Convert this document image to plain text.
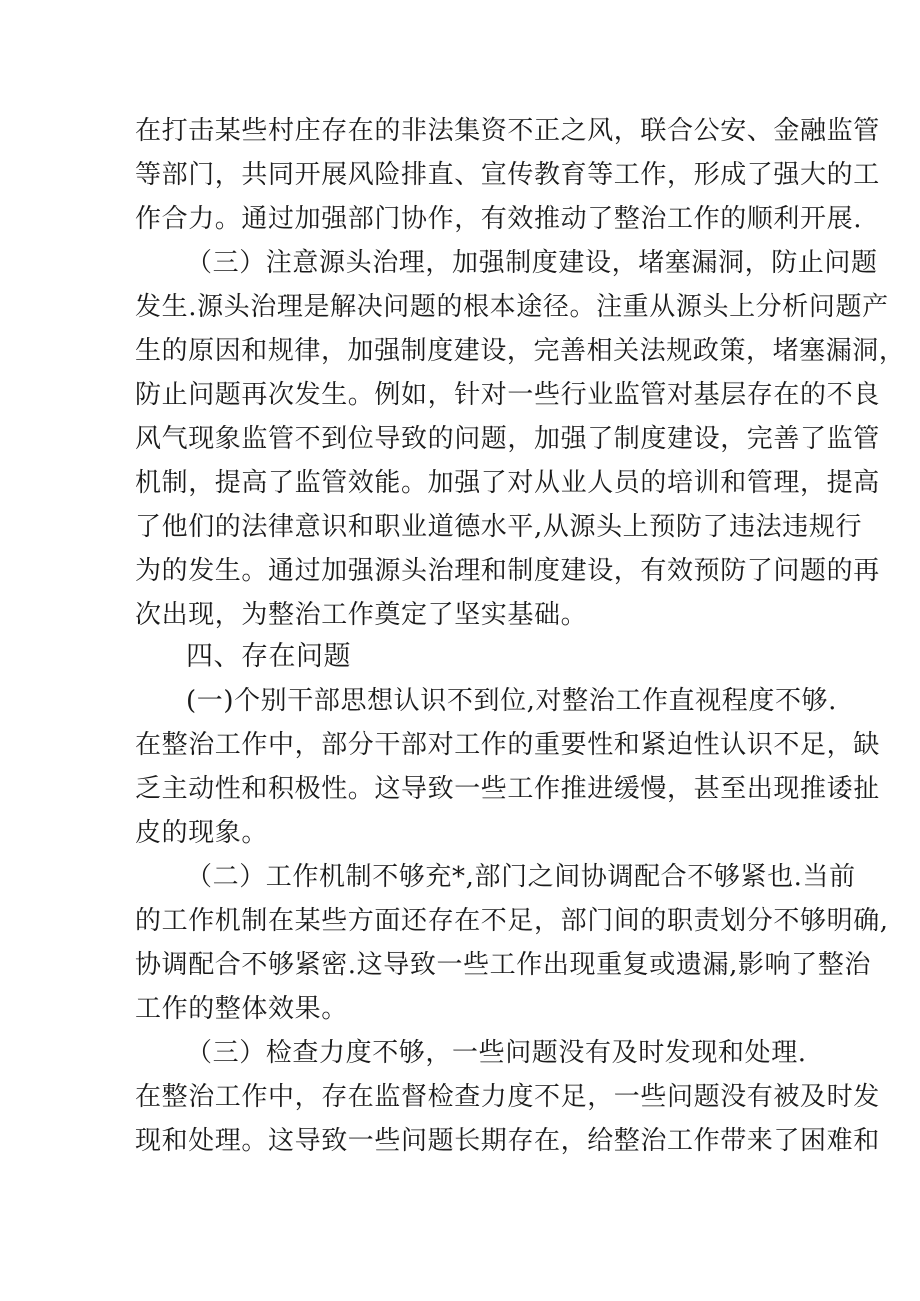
在打击某些村庄存在的非法集资不正之风，联合公安、金融监管
等部门，共同开展风险排直、宣传教育等工作，形成了强大的工
作合力。通过加强部门协作，有效推动了整治工作的顺利开展.
（三）注意源头治理，加强制度建设，堵塞漏洞，防止问题
发生.源头治理是解决问题的根本途径。注重从源头上分析问题产
生的原因和规律，加强制度建设，完善相关法规政策，堵塞漏洞，
防止问题再次发生。例如，针对一些行业监管对基层存在的不良
风气现象监管不到位导致的问题，加强了制度建设，完善了监管
机制，提高了监管效能。加强了对从业人员的培训和管理，提高
了他们的法律意识和职业道德水平,从源头上预防了违法违规行
为的发生。通过加强源头治理和制度建设，有效预防了问题的再
次出现，为整治工作奠定了坚实基础。
四、存在问题
(一)个别干部思想认识不到位,对整治工作直视程度不够.
在整治工作中，部分干部对工作的重要性和紧迫性认识不足，缺
乏主动性和积极性。这导致一些工作推进缓慢，甚至出现推诿扯
皮的现象。
（二）工作机制不够充*,部门之间协调配合不够紧也.当前
的工作机制在某些方面还存在不足，部门间的职责划分不够明确,
协调配合不够紧密.这导致一些工作出现重复或遗漏,影响了整治
工作的整体效果。
（三）检查力度不够，一些问题没有及时发现和处理.
在整治工作中，存在监督检查力度不足，一些问题没有被及时发
现和处理。这导致一些问题长期存在，给整治工作带来了困难和
